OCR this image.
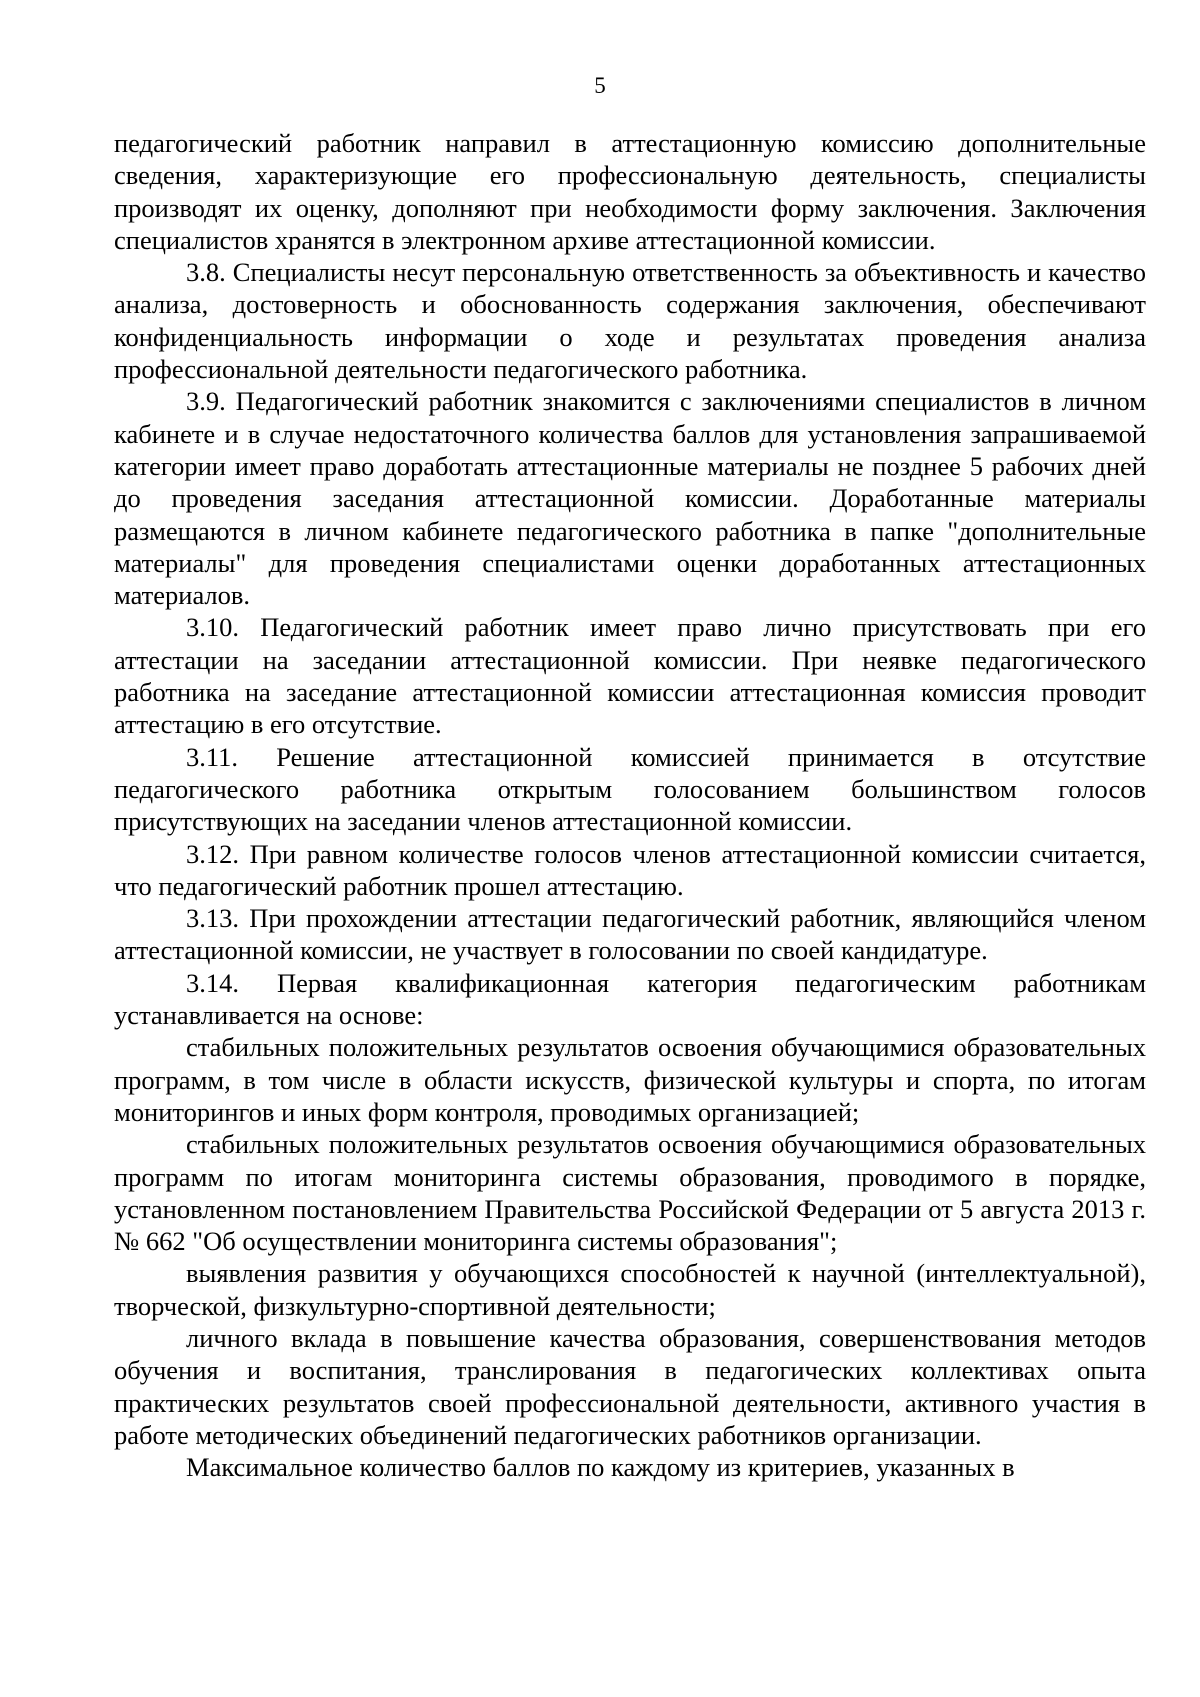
5

педагогический работник направил в аттестационную комиссию дополнительные сведения, характеризующие его профессиональную деятельность, специалисты производят их оценку, дополняют при необходимости форму заключения. Заключения специалистов хранятся в электронном архиве аттестационной комиссии.

3.8. Специалисты несут персональную ответственность за объективность и качество анализа, достоверность и обоснованность содержания заключения, обеспечивают конфиденциальность информации о ходе и результатах проведения анализа профессиональной деятельности педагогического работника.

3.9. Педагогический работник знакомится с заключениями специалистов в личном кабинете и в случае недостаточного количества баллов для установления запрашиваемой категории имеет право доработать аттестационные материалы не позднее 5 рабочих дней до проведения заседания аттестационной комиссии. Доработанные материалы размещаются в личном кабинете педагогического работника в папке "дополнительные материалы" для проведения специалистами оценки доработанных аттестационных материалов.

3.10. Педагогический работник имеет право лично присутствовать при его аттестации на заседании аттестационной комиссии. При неявке педагогического работника на заседание аттестационной комиссии аттестационная комиссия проводит аттестацию в его отсутствие.

3.11. Решение аттестационной комиссией принимается в отсутствие педагогического работника открытым голосованием большинством голосов присутствующих на заседании членов аттестационной комиссии.

3.12. При равном количестве голосов членов аттестационной комиссии считается, что педагогический работник прошел аттестацию.

3.13. При прохождении аттестации педагогический работник, являющийся членом аттестационной комиссии, не участвует в голосовании по своей кандидатуре.

3.14. Первая квалификационная категория педагогическим работникам устанавливается на основе:

стабильных положительных результатов освоения обучающимися образовательных программ, в том числе в области искусств, физической культуры и спорта, по итогам мониторингов и иных форм контроля, проводимых организацией;

стабильных положительных результатов освоения обучающимися образовательных программ по итогам мониторинга системы образования, проводимого в порядке, установленном постановлением Правительства Российской Федерации от 5 августа 2013 г. № 662 "Об осуществлении мониторинга системы образования";

выявления развития у обучающихся способностей к научной (интеллектуальной), творческой, физкультурно-спортивной деятельности;

личного вклада в повышение качества образования, совершенствования методов обучения и воспитания, транслирования в педагогических коллективах опыта практических результатов своей профессиональной деятельности, активного участия в работе методических объединений педагогических работников организации.

Максимальное количество баллов по каждому из критериев, указанных в
